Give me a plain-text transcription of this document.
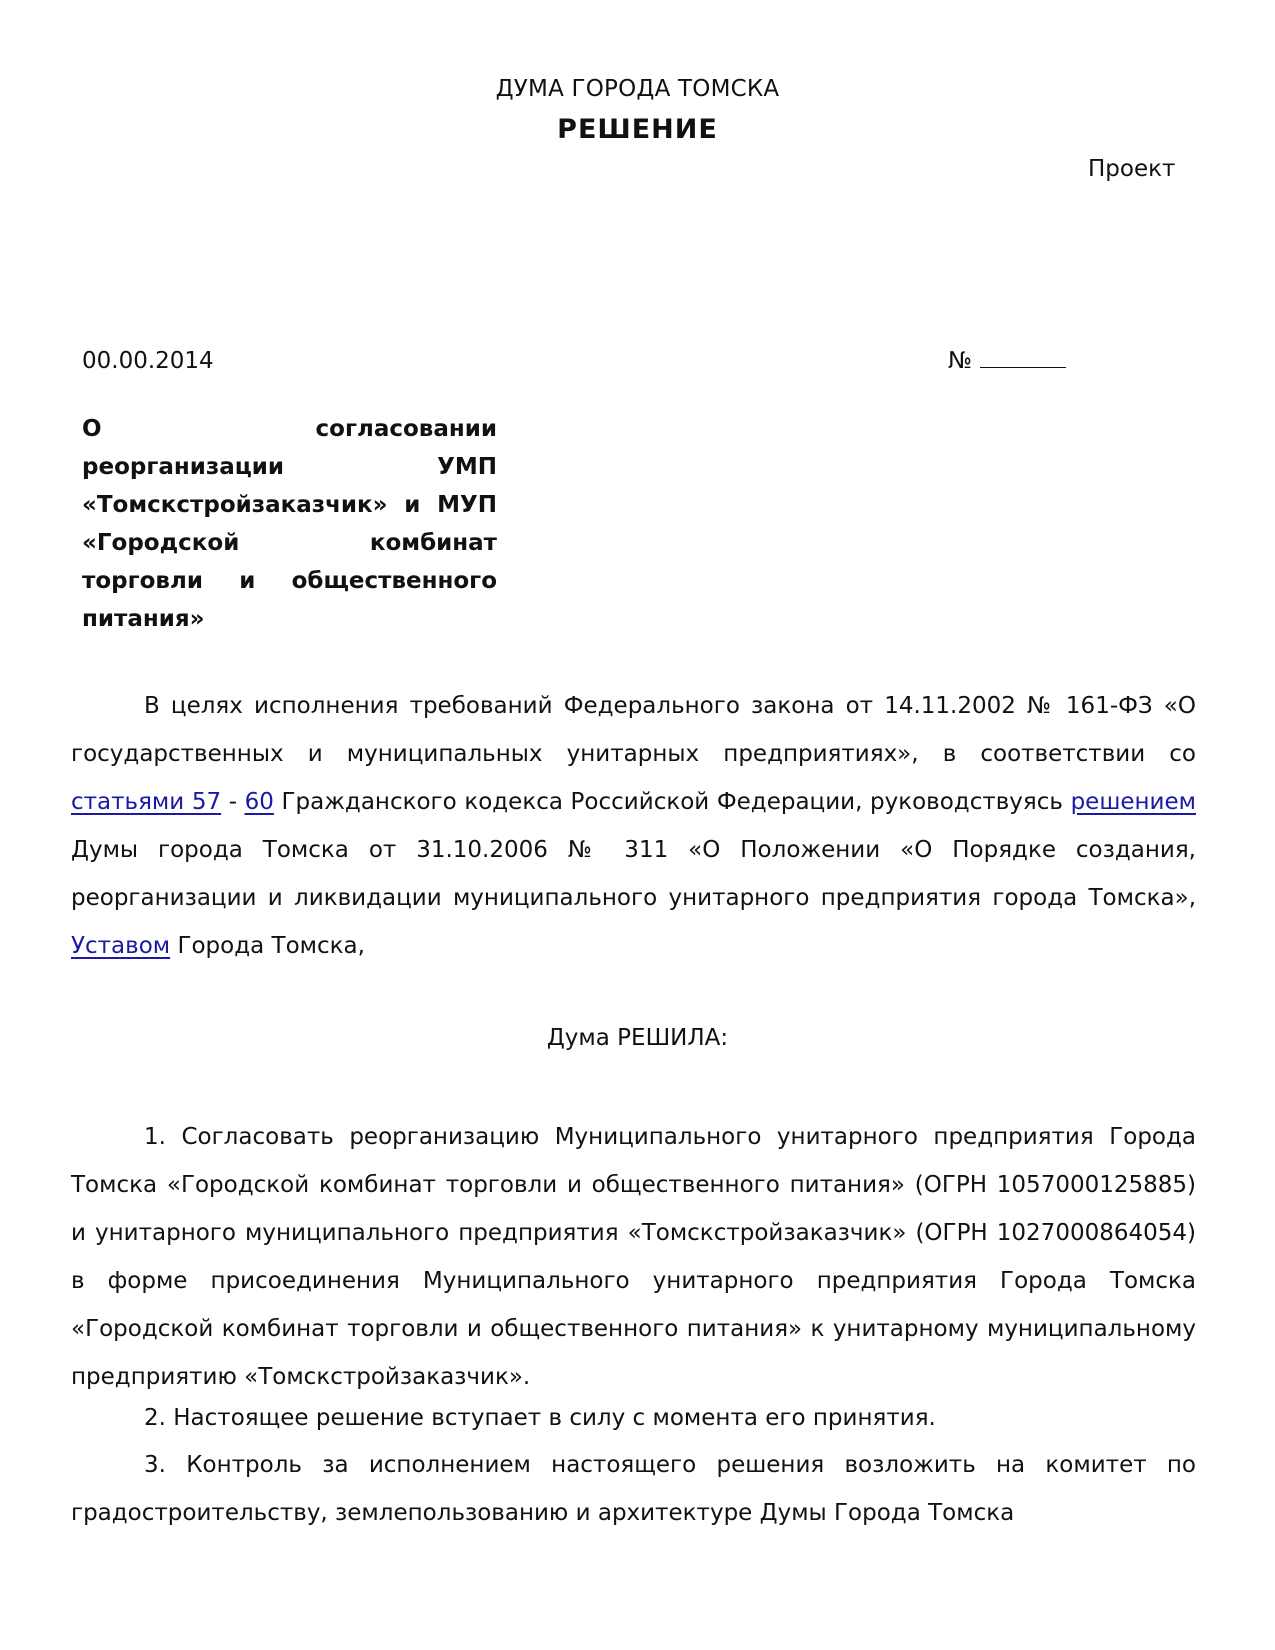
ДУМА ГОРОДА ТОМСКА
РЕШЕНИЕ
Проект
00.00.2014	№
О согласовании реорганизации УМП «Томскстройзаказчик» и МУП «Городской комбинат торговли и общественного питания»

В целях исполнения требований Федерального закона от 14.11.2002 № 161-ФЗ «О государственных и муниципальных унитарных предприятиях», в соответствии со статьями 57 - 60 Гражданского кодекса Российской Федерации, руководствуясь решением Думы города Томска от 31.10.2006 № 311 «О Положении «О Порядке создания, реорганизации и ликвидации муниципального унитарного предприятия города Томска», Уставом Города Томска,

Дума РЕШИЛА:

1. Согласовать реорганизацию Муниципального унитарного предприятия Города Томска «Городской комбинат торговли и общественного питания» (ОГРН 1057000125885) и унитарного муниципального предприятия «Томскстройзаказчик» (ОГРН 1027000864054) в форме присоединения Муниципального унитарного предприятия Города Томска «Городской комбинат торговли и общественного питания» к унитарному муниципальному предприятию «Томскстройзаказчик».

2. Настоящее решение вступает в силу с момента его принятия.

3. Контроль за исполнением настоящего решения возложить на комитет по градостроительству, землепользованию и архитектуре Думы Города Томска
